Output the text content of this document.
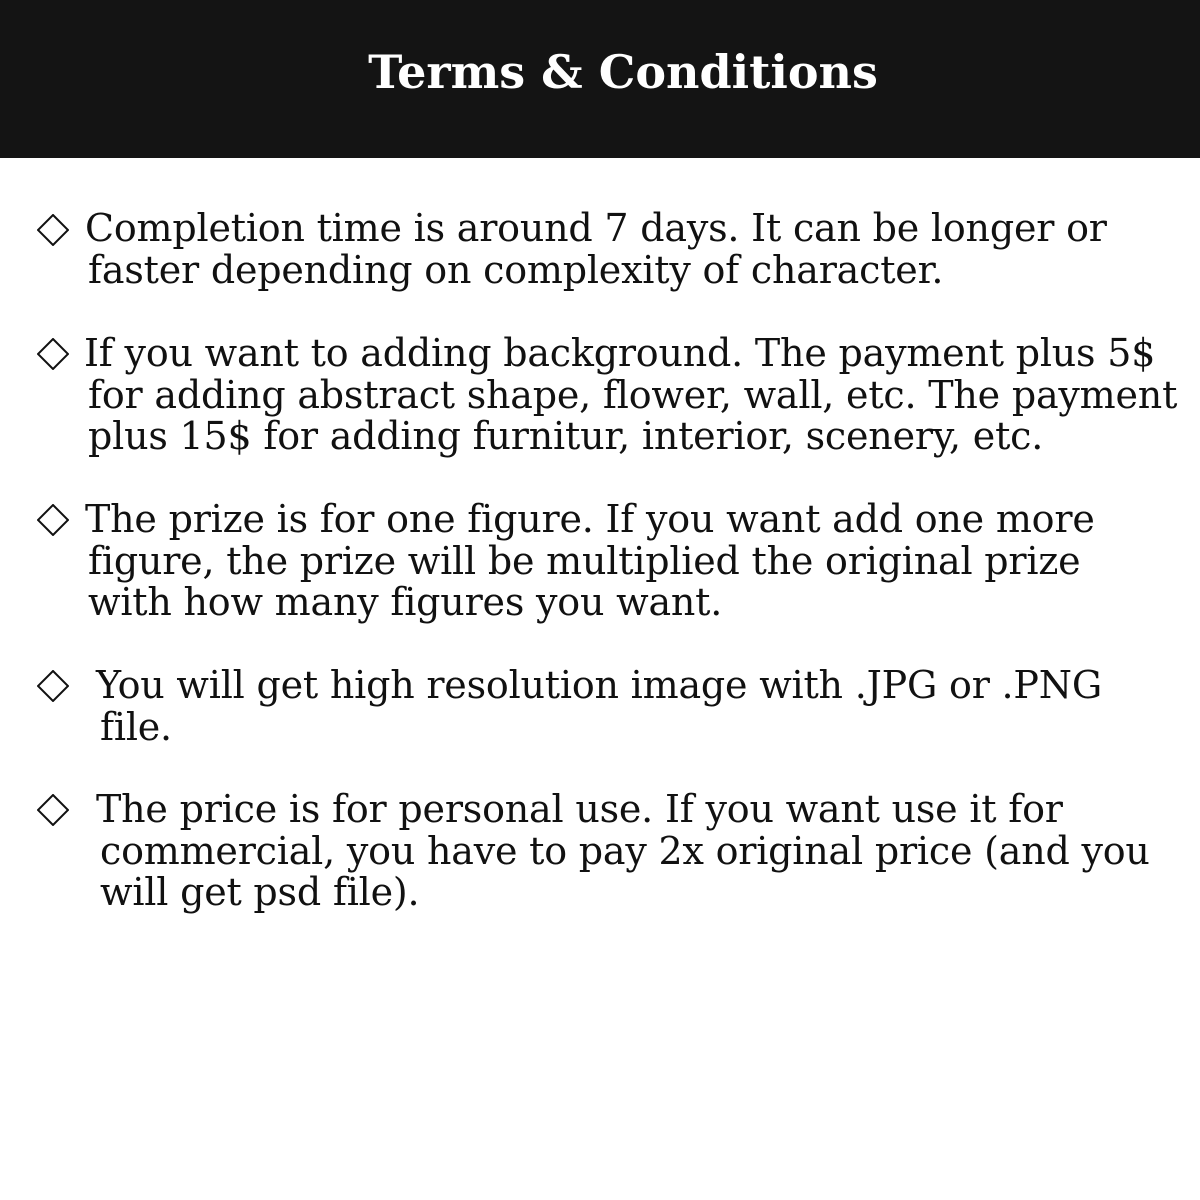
Terms & Conditions
Completion time is around 7 days. It can be longer or
faster depending on complexity of character.
If you want to adding background. The payment plus 5$
for adding abstract shape, flower, wall, etc. The payment
plus 15$ for adding furnitur, interior, scenery, etc.
The prize is for one figure. If you want add one more
figure, the prize will be multiplied the original prize
with how many figures you want.
You will get high resolution image with .JPG or .PNG
file.
The price is for personal use. If you want use it for
commercial, you have to pay 2x original price (and you
will get psd file).
